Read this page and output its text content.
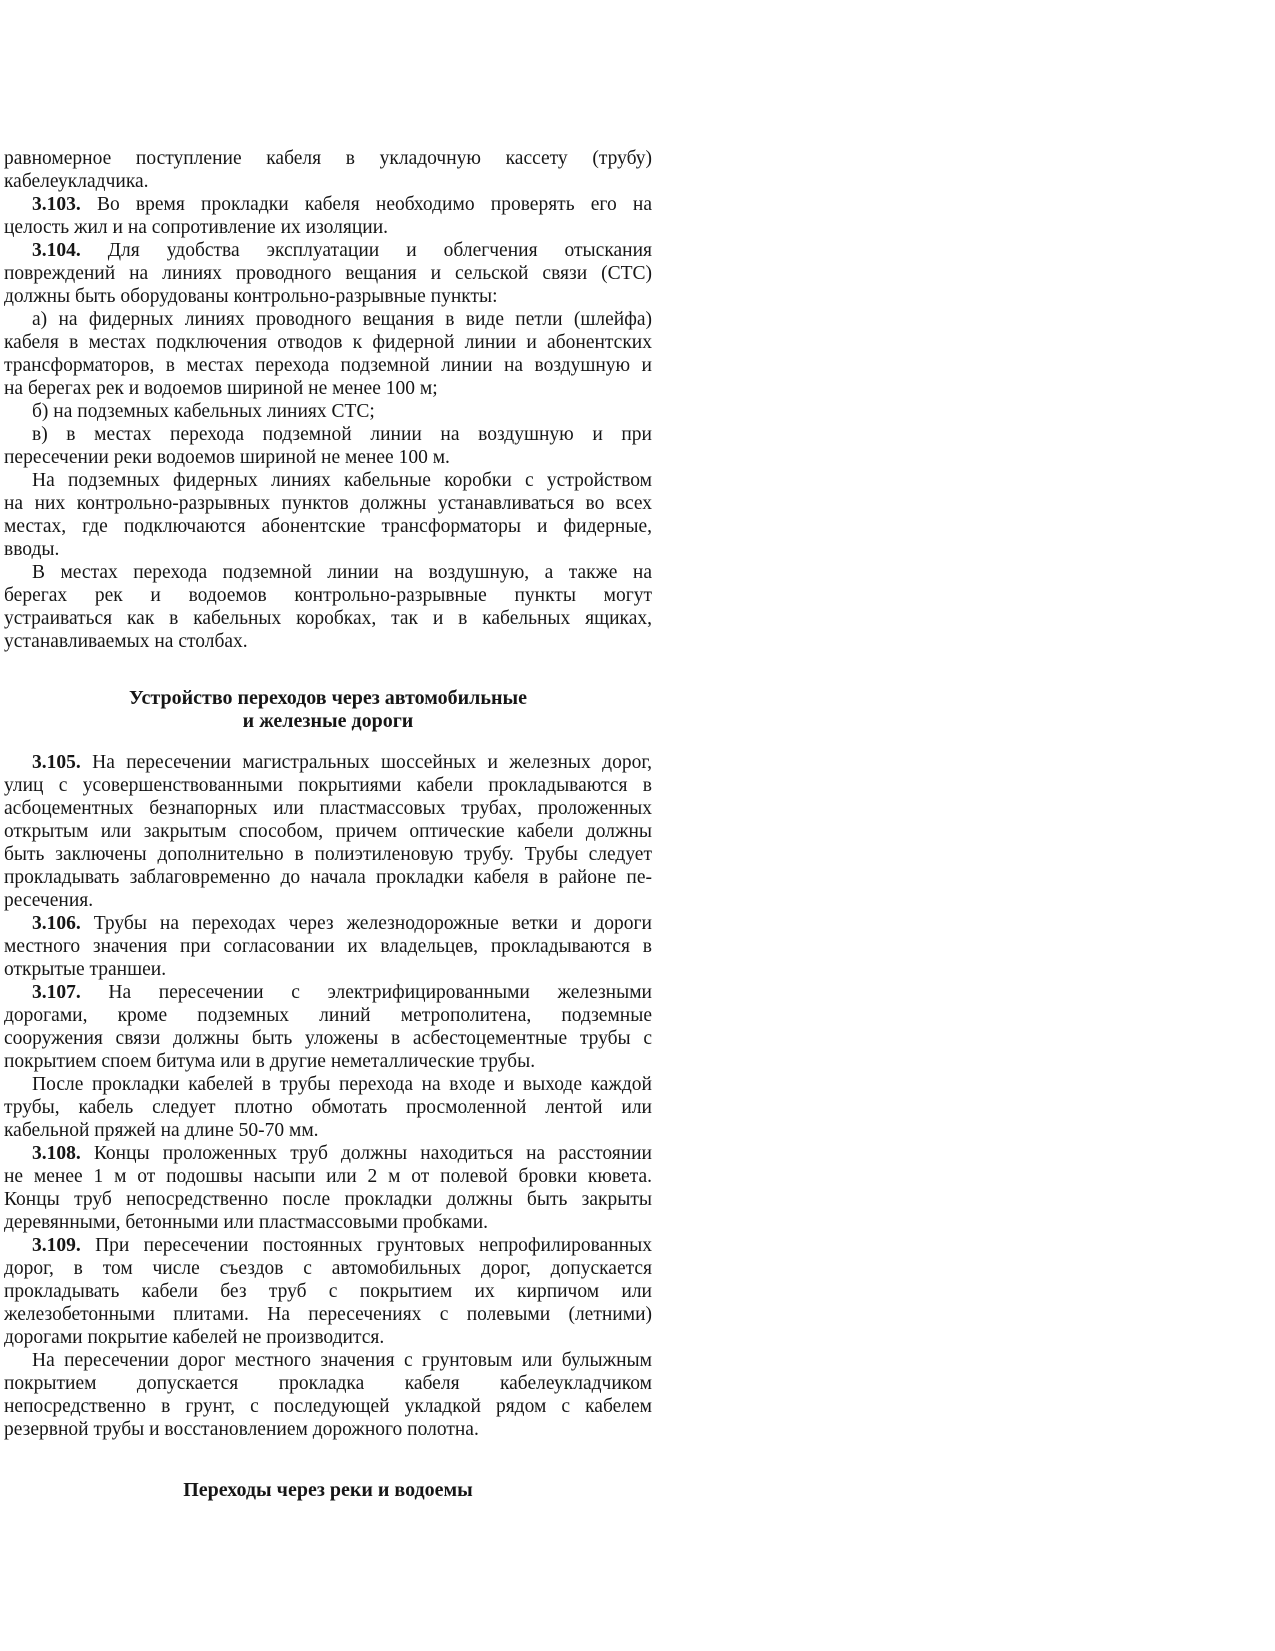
равномерное поступление кабеля в укладочную кассету (трубу)
кабелеукладчика.
3.103. Во время прокладки кабеля необходимо проверять его на
целость жил и на сопротивление их изоляции.
3.104. Для удобства эксплуатации и облегчения отыскания
повреждений на линиях проводного вещания и сельской связи (СТС)
должны быть оборудованы контрольно-разрывные пункты:
а) на фидерных линиях проводного вещания в виде петли (шлейфа)
кабеля в местах подключения отводов к фидерной линии и абонентских
трансформаторов, в местах перехода подземной линии на воздушную и
на берегах рек и водоемов шириной не менее 100 м;
б) на подземных кабельных линиях СТС;
в) в местах перехода подземной линии на воздушную и при
пересечении реки водоемов шириной не менее 100 м.
На подземных фидерных линиях кабельные коробки с устройством
на них контрольно-разрывных пунктов должны устанавливаться во всех
местах, где подключаются абонентские трансформаторы и фидерные,
вводы.
В местах перехода подземной линии на воздушную, а также на
берегах рек и водоемов контрольно-разрывные пункты могут
устраиваться как в кабельных коробках, так и в кабельных ящиках,
устанавливаемых на столбах.
Устройство переходов через автомобильные
и железные дороги
3.105. На пересечении магистральных шоссейных и железных дорог,
улиц с усовершенствованными покрытиями кабели прокладываются в
асбоцементных безнапорных или пластмассовых трубах, проложенных
открытым или закрытым способом, причем оптические кабели должны
быть заключены дополнительно в полиэтиленовую трубу. Трубы следует
прокладывать заблаговременно до начала прокладки кабеля в районе пе-
ресечения.
3.106. Трубы на переходах через железнодорожные ветки и дороги
местного значения при согласовании их владельцев, прокладываются в
открытые траншеи.
3.107. На пересечении с электрифицированными железными
дорогами, кроме подземных линий метрополитена, подземные
сооружения связи должны быть уложены в асбестоцементные трубы с
покрытием споем битума или в другие неметаллические трубы.
После прокладки кабелей в трубы перехода на входе и выходе каждой
трубы, кабель следует плотно обмотать просмоленной лентой или
кабельной пряжей на длине 50-70 мм.
3.108. Концы проложенных труб должны находиться на расстоянии
не менее 1 м от подошвы насыпи или 2 м от полевой бровки кювета.
Концы труб непосредственно после прокладки должны быть закрыты
деревянными, бетонными или пластмассовыми пробками.
3.109. При пересечении постоянных грунтовых непрофилированных
дорог, в том числе съездов с автомобильных дорог, допускается
прокладывать кабели без труб с покрытием их кирпичом или
железобетонными плитами. На пересечениях с полевыми (летними)
дорогами покрытие кабелей не производится.
На пересечении дорог местного значения с грунтовым или булыжным
покрытием допускается прокладка кабеля кабелеукладчиком
непосредственно в грунт, с последующей укладкой рядом с кабелем
резервной трубы и восстановлением дорожного полотна.
Переходы через реки и водоемы
